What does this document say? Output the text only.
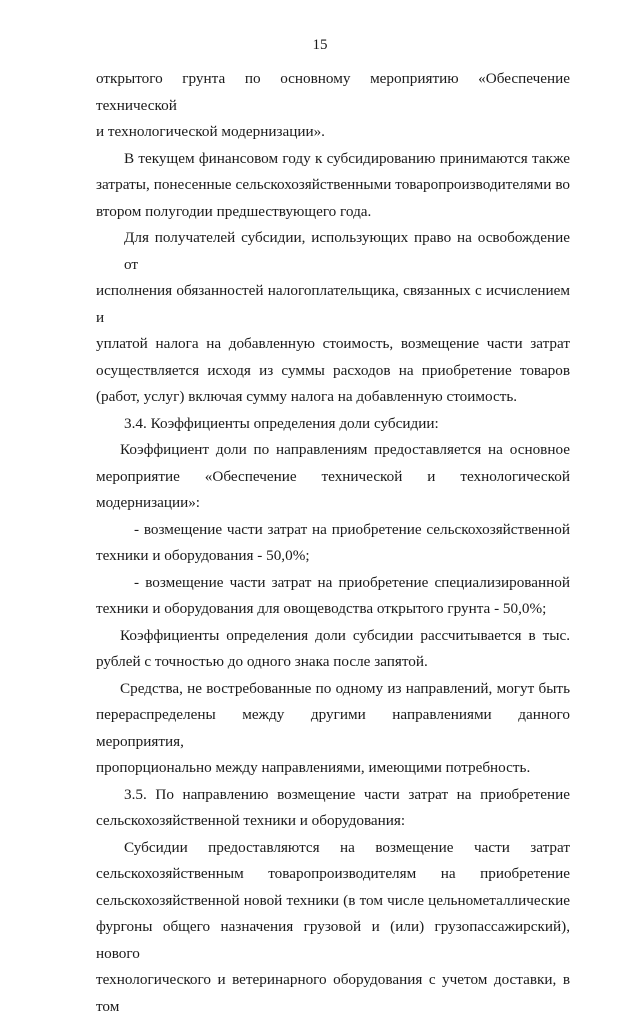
15
открытого грунта по основному мероприятию «Обеспечение технической
и технологической модернизации».
В текущем финансовом году к субсидированию принимаются также
затраты, понесенные сельскохозяйственными товаропроизводителями во
втором полугодии предшествующего года.
Для получателей субсидии, использующих право на освобождение от
исполнения обязанностей налогоплательщика, связанных с исчислением и
уплатой налога на добавленную стоимость, возмещение части затрат
осуществляется исходя из суммы расходов на приобретение товаров
(работ, услуг) включая сумму налога на добавленную стоимость.
3.4. Коэффициенты определения доли субсидии:
Коэффициент доли по направлениям предоставляется на основное
мероприятие «Обеспечение технической и технологической
модернизации»:
- возмещение части затрат на приобретение сельскохозяйственной
техники и оборудования - 50,0%;
- возмещение части затрат на приобретение специализированной
техники и оборудования для овощеводства открытого грунта - 50,0%;
Коэффициенты определения доли субсидии рассчитывается в тыс.
рублей с точностью до одного знака после запятой.
Средства, не востребованные по одному из направлений, могут быть
перераспределены между другими направлениями данного мероприятия,
пропорционально между направлениями, имеющими потребность.
3.5. По направлению возмещение части затрат на приобретение
сельскохозяйственной техники и оборудования:
Субсидии предоставляются на возмещение части затрат
сельскохозяйственным товаропроизводителям на приобретение
сельскохозяйственной новой техники (в том числе цельнометаллические
фургоны общего назначения грузовой и (или) грузопассажирский), нового
технологического и ветеринарного оборудования с учетом доставки, в том
